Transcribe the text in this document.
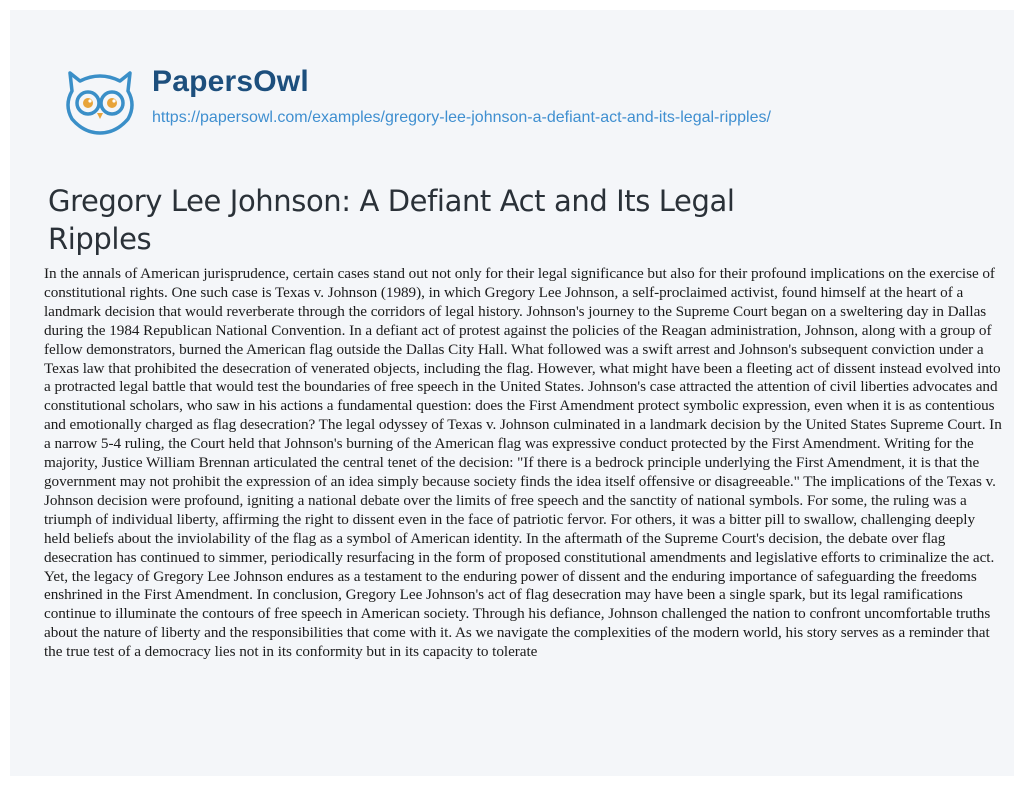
PapersOwl
https://papersowl.com/examples/gregory-lee-johnson-a-defiant-act-and-its-legal-ripples/
Gregory Lee Johnson: A Defiant Act and Its Legal Ripples
In the annals of American jurisprudence, certain cases stand out not only for their legal significance but also for their profound implications on the exercise of constitutional rights. One such case is Texas v. Johnson (1989), in which Gregory Lee Johnson, a self-proclaimed activist, found himself at the heart of a landmark decision that would reverberate through the corridors of legal history. Johnson's journey to the Supreme Court began on a sweltering day in Dallas during the 1984 Republican National Convention. In a defiant act of protest against the policies of the Reagan administration, Johnson, along with a group of fellow demonstrators, burned the American flag outside the Dallas City Hall. What followed was a swift arrest and Johnson's subsequent conviction under a Texas law that prohibited the desecration of venerated objects, including the flag. However, what might have been a fleeting act of dissent instead evolved into a protracted legal battle that would test the boundaries of free speech in the United States. Johnson's case attracted the attention of civil liberties advocates and constitutional scholars, who saw in his actions a fundamental question: does the First Amendment protect symbolic expression, even when it is as contentious and emotionally charged as flag desecration? The legal odyssey of Texas v. Johnson culminated in a landmark decision by the United States Supreme Court. In a narrow 5-4 ruling, the Court held that Johnson's burning of the American flag was expressive conduct protected by the First Amendment. Writing for the majority, Justice William Brennan articulated the central tenet of the decision: "If there is a bedrock principle underlying the First Amendment, it is that the government may not prohibit the expression of an idea simply because society finds the idea itself offensive or disagreeable." The implications of the Texas v. Johnson decision were profound, igniting a national debate over the limits of free speech and the sanctity of national symbols. For some, the ruling was a triumph of individual liberty, affirming the right to dissent even in the face of patriotic fervor. For others, it was a bitter pill to swallow, challenging deeply held beliefs about the inviolability of the flag as a symbol of American identity. In the aftermath of the Supreme Court's decision, the debate over flag desecration has continued to simmer, periodically resurfacing in the form of proposed constitutional amendments and legislative efforts to criminalize the act. Yet, the legacy of Gregory Lee Johnson endures as a testament to the enduring power of dissent and the enduring importance of safeguarding the freedoms enshrined in the First Amendment. In conclusion, Gregory Lee Johnson's act of flag desecration may have been a single spark, but its legal ramifications continue to illuminate the contours of free speech in American society. Through his defiance, Johnson challenged the nation to confront uncomfortable truths about the nature of liberty and the responsibilities that come with it. As we navigate the complexities of the modern world, his story serves as a reminder that the true test of a democracy lies not in its conformity but in its capacity to tolerate
